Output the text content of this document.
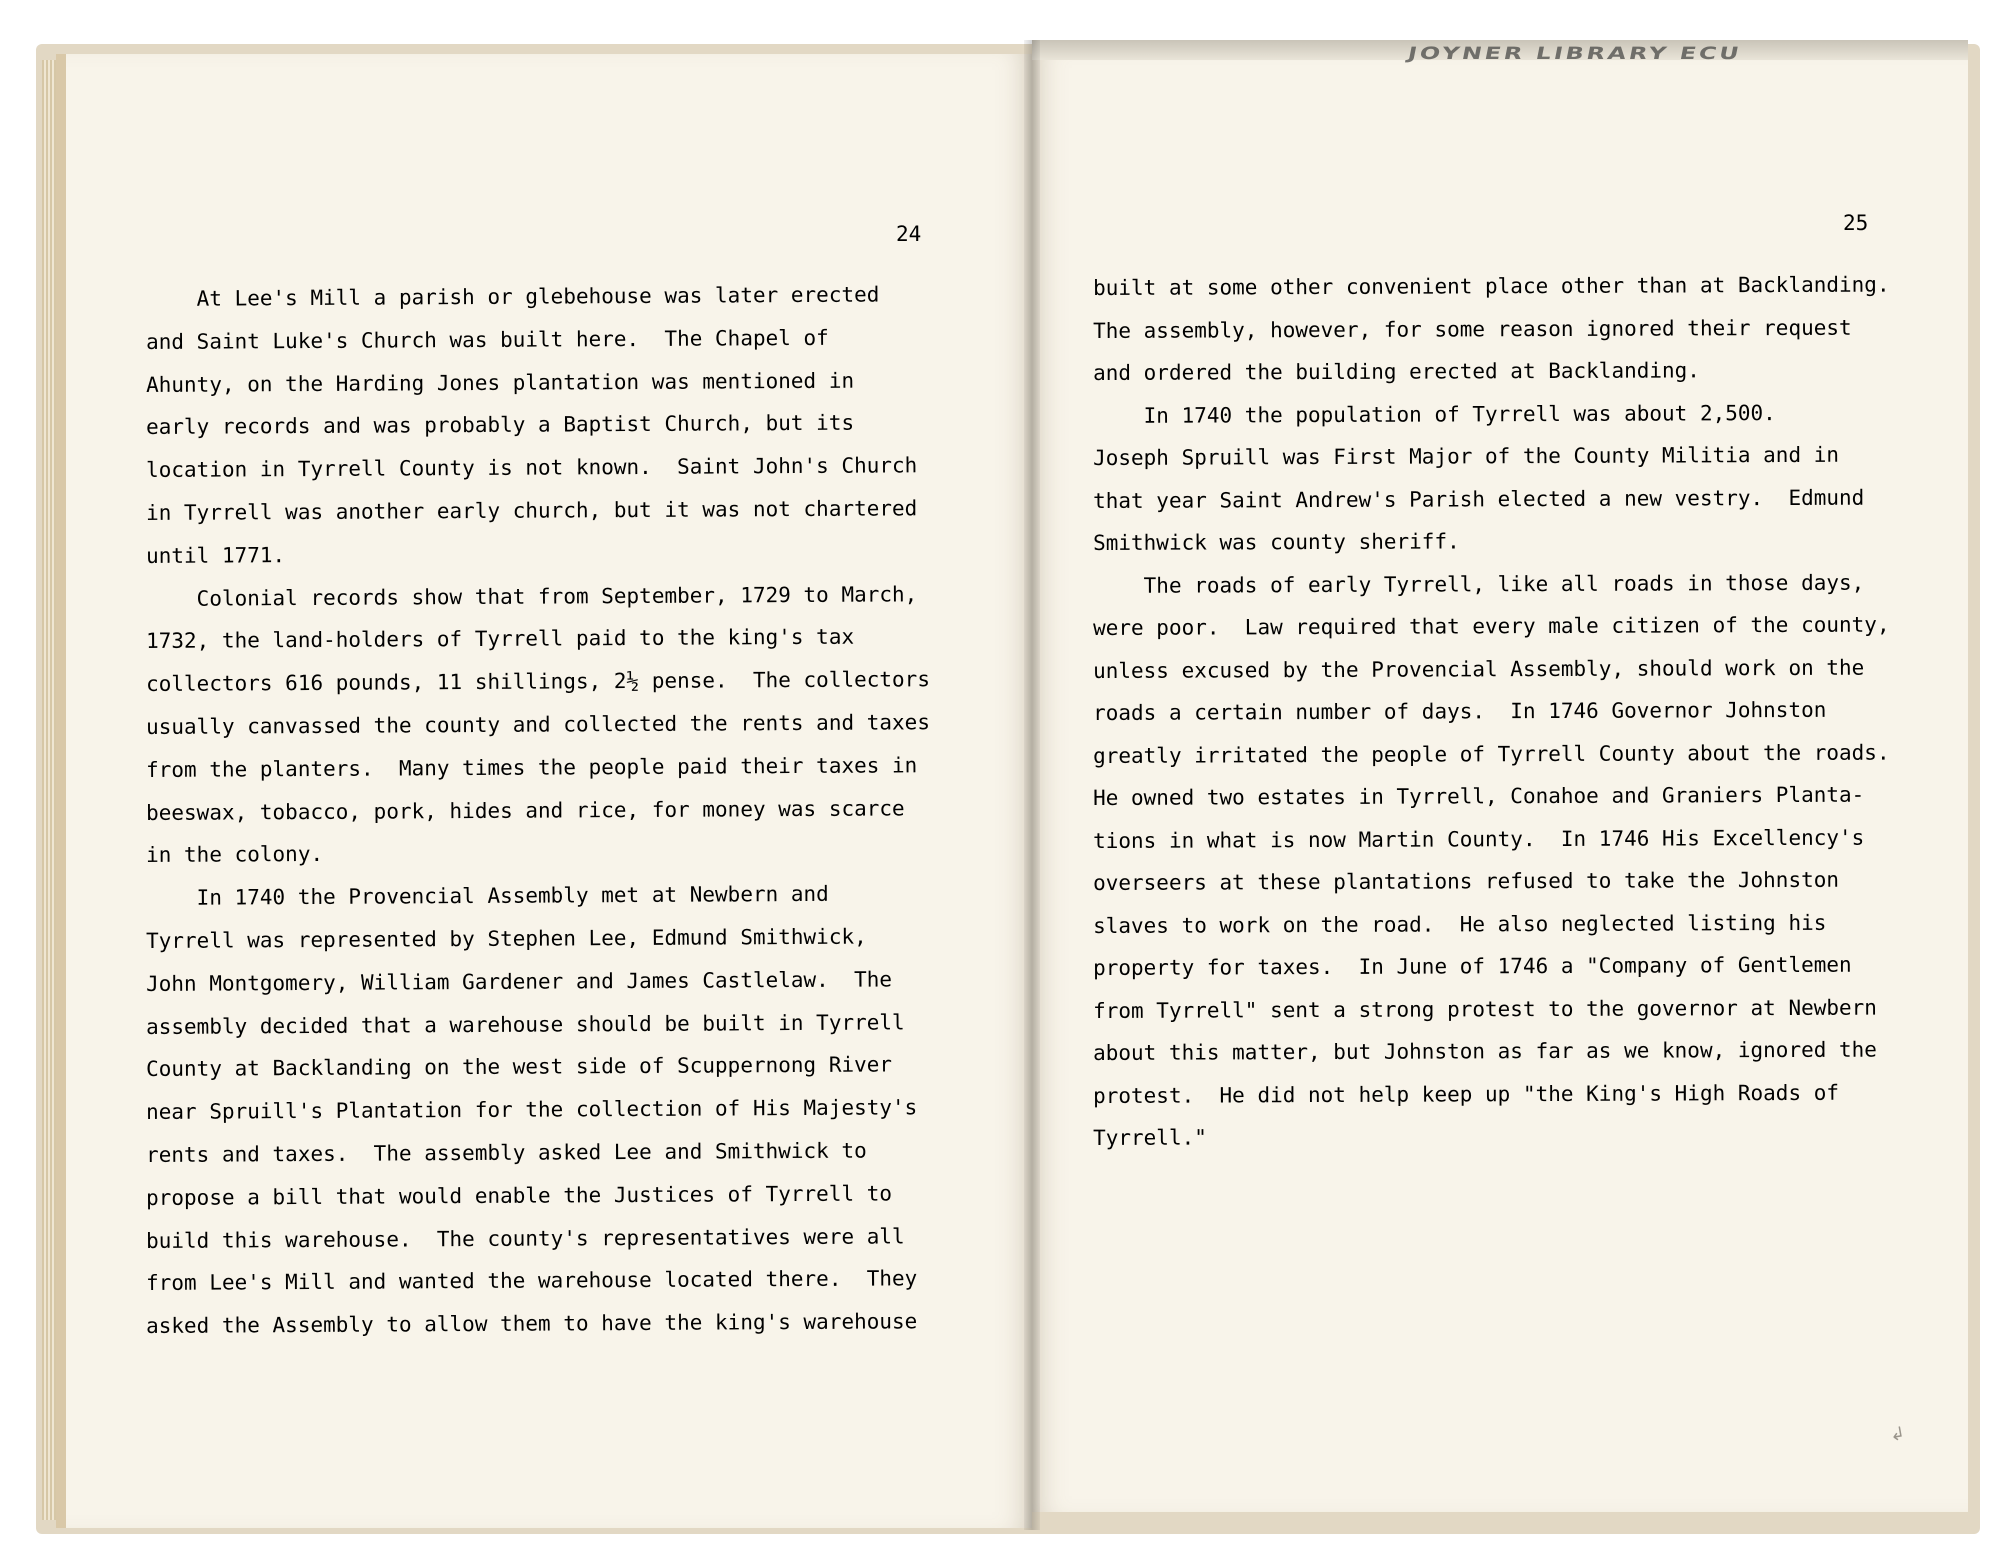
JOYNER LIBRARY ECU
24	25
At Lee's Mill a parish or glebehouse was later erected
and Saint Luke's Church was built here.  The Chapel of
Ahunty, on the Harding Jones plantation was mentioned in
early records and was probably a Baptist Church, but its
location in Tyrrell County is not known.  Saint John's Church
in Tyrrell was another early church, but it was not chartered
until 1771.
Colonial records show that from September, 1729 to March,
1732, the land-holders of Tyrrell paid to the king's tax
collectors 616 pounds, 11 shillings, 2½ pense.  The collectors
usually canvassed the county and collected the rents and taxes
from the planters.  Many times the people paid their taxes in
beeswax, tobacco, pork, hides and rice, for money was scarce
in the colony.
In 1740 the Provencial Assembly met at Newbern and
Tyrrell was represented by Stephen Lee, Edmund Smithwick,
John Montgomery, William Gardener and James Castlelaw.  The
assembly decided that a warehouse should be built in Tyrrell
County at Backlanding on the west side of Scuppernong River
near Spruill's Plantation for the collection of His Majesty's
rents and taxes.  The assembly asked Lee and Smithwick to
propose a bill that would enable the Justices of Tyrrell to
build this warehouse.  The county's representatives were all
from Lee's Mill and wanted the warehouse located there.  They
asked the Assembly to allow them to have the king's warehouse
built at some other convenient place other than at Backlanding.
The assembly, however, for some reason ignored their request
and ordered the building erected at Backlanding.
In 1740 the population of Tyrrell was about 2,500.
Joseph Spruill was First Major of the County Militia and in
that year Saint Andrew's Parish elected a new vestry.  Edmund
Smithwick was county sheriff.
The roads of early Tyrrell, like all roads in those days,
were poor.  Law required that every male citizen of the county,
unless excused by the Provencial Assembly, should work on the
roads a certain number of days.  In 1746 Governor Johnston
greatly irritated the people of Tyrrell County about the roads.
He owned two estates in Tyrrell, Conahoe and Graniers Planta-
tions in what is now Martin County.  In 1746 His Excellency's
overseers at these plantations refused to take the Johnston
slaves to work on the road.  He also neglected listing his
property for taxes.  In June of 1746 a "Company of Gentlemen
from Tyrrell" sent a strong protest to the governor at Newbern
about this matter, but Johnston as far as we know, ignored the
protest.  He did not help keep up "the King's High Roads of
Tyrrell."
↲
